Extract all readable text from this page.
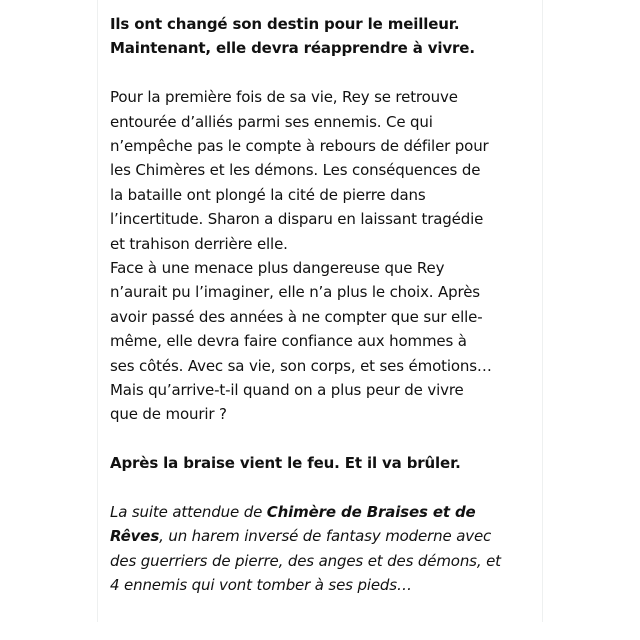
Ils ont changé son destin pour le meilleur.
Maintenant, elle devra réapprendre à vivre.
Pour la première fois de sa vie, Rey se retrouve
entourée d’alliés parmi ses ennemis. Ce qui
n’empêche pas le compte à rebours de défiler pour
les Chimères et les démons. Les conséquences de
la bataille ont plongé la cité de pierre dans
l’incertitude. Sharon a disparu en laissant tragédie
et trahison derrière elle.
Face à une menace plus dangereuse que Rey
n’aurait pu l’imaginer, elle n’a plus le choix. Après
avoir passé des années à ne compter que sur elle-
même, elle devra faire confiance aux hommes à
ses côtés. Avec sa vie, son corps, et ses émotions…
Mais qu’arrive-t-il quand on a plus peur de vivre
que de mourir ?
Après la braise vient le feu. Et il va brûler.
La suite attendue de Chimère de Braises et de
Rêves, un harem inversé de fantasy moderne avec
des guerriers de pierre, des anges et des démons, et
4 ennemis qui vont tomber à ses pieds…
